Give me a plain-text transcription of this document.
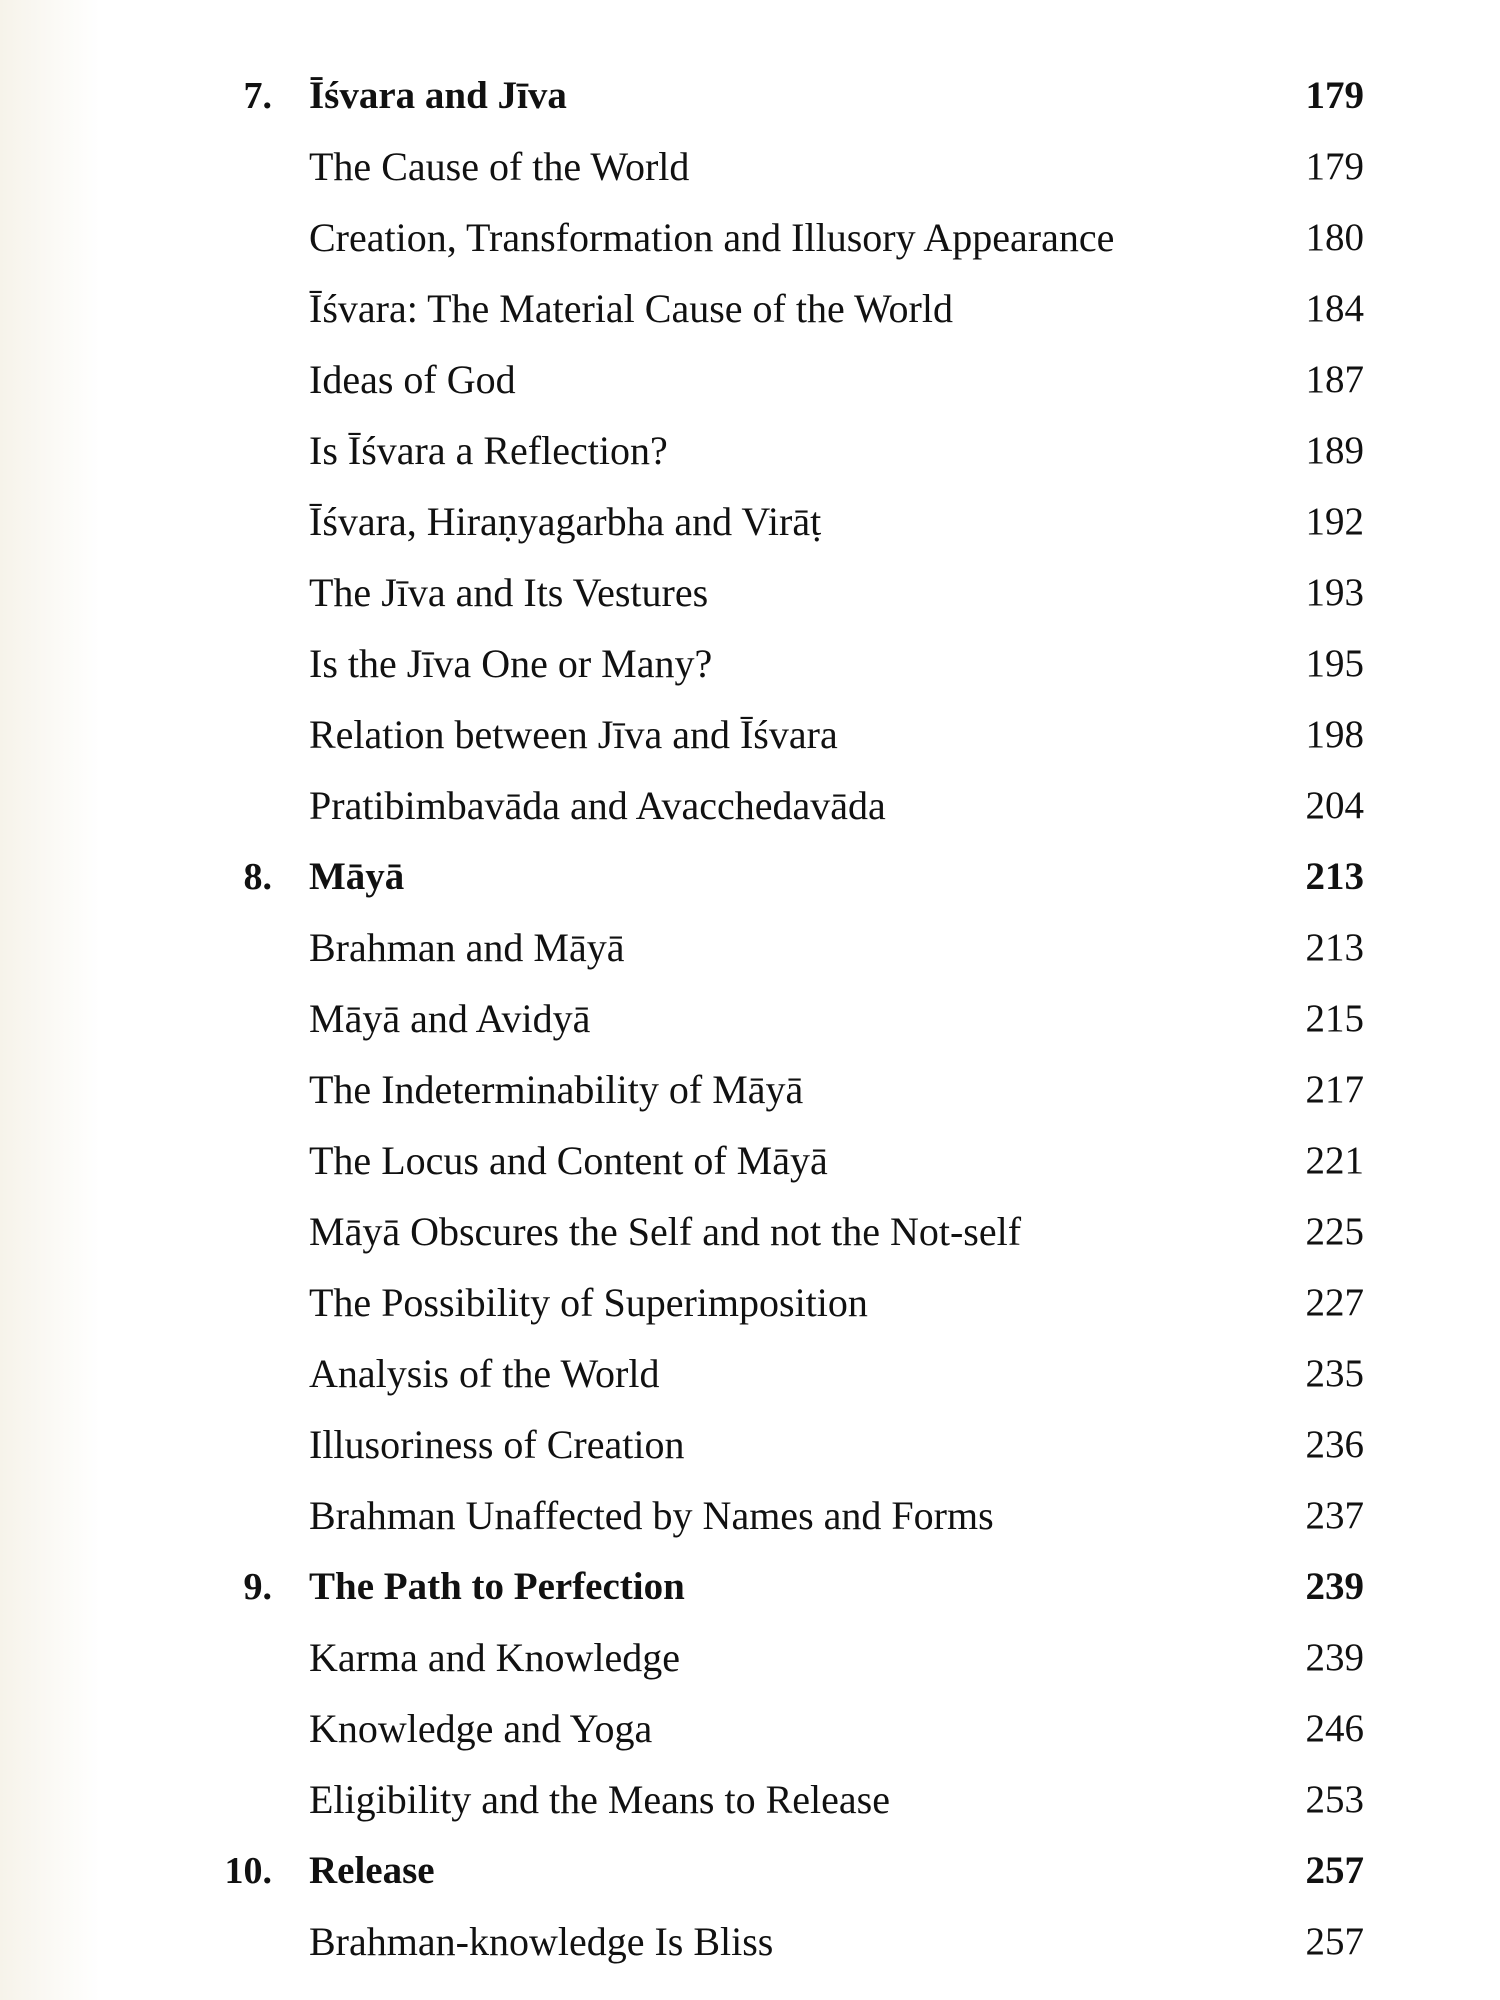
7. Īśvara and Jīva	179
The Cause of the World	179
Creation, Transformation and Illusory Appearance	180
Īśvara: The Material Cause of the World	184
Ideas of God	187
Is Īśvara a Reflection?	189
Īśvara, Hiraṇyagarbha and Virāṭ	192
The Jīva and Its Vestures	193
Is the Jīva One or Many?	195
Relation between Jīva and Īśvara	198
Pratibimbavāda and Avacchedavāda	204
8. Māyā	213
Brahman and Māyā	213
Māyā and Avidyā	215
The Indeterminability of Māyā	217
The Locus and Content of Māyā	221
Māyā Obscures the Self and not the Not-self	225
The Possibility of Superimposition	227
Analysis of the World	235
Illusoriness of Creation	236
Brahman Unaffected by Names and Forms	237
9. The Path to Perfection	239
Karma and Knowledge	239
Knowledge and Yoga	246
Eligibility and the Means to Release	253
10. Release	257
Brahman-knowledge Is Bliss	257
